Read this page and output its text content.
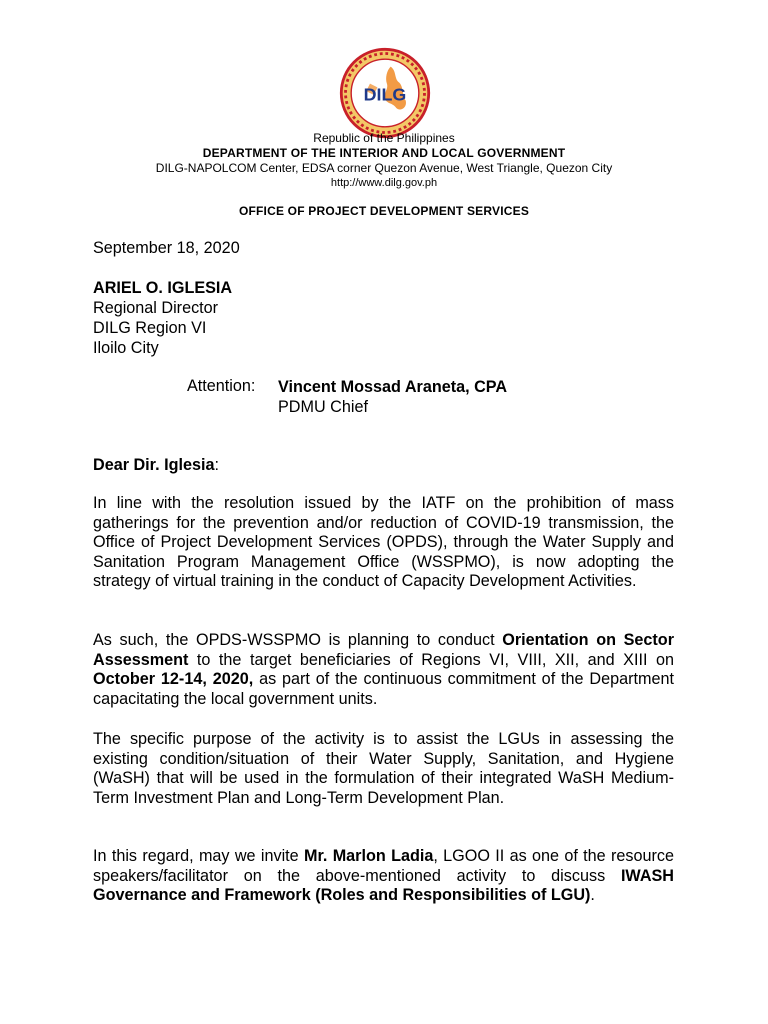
DILG

Republic of the Philippines

DEPARTMENT OF THE INTERIOR AND LOCAL GOVERNMENT

DILG-NAPOLCOM Center, EDSA corner Quezon Avenue, West Triangle, Quezon City

http://www.dilg.gov.ph

OFFICE OF PROJECT DEVELOPMENT SERVICES

September 18, 2020
ARIEL O. IGLESIA
Regional Director
DILG Region VI
Iloilo City
Attention: Vincent Mossad Araneta, CPA
PDMU Chief
Dear Dir. Iglesia:
In line with the resolution issued by the IATF on the prohibition of mass gatherings for the prevention and/or reduction of COVID-19 transmission, the Office of Project Development Services (OPDS), through the Water Supply and Sanitation Program Management Office (WSSPMO), is now adopting the strategy of virtual training in the conduct of Capacity Development Activities.
As such, the OPDS-WSSPMO is planning to conduct Orientation on Sector Assessment to the target beneficiaries of Regions VI, VIII, XII, and XIII on October 12-14, 2020, as part of the continuous commitment of the Department capacitating the local government units.
The specific purpose of the activity is to assist the LGUs in assessing the existing condition/situation of their Water Supply, Sanitation, and Hygiene (WaSH) that will be used in the formulation of their integrated WaSH Medium-Term Investment Plan and Long-Term Development Plan.
In this regard, may we invite Mr. Marlon Ladia, LGOO II as one of the resource speakers/facilitator on the above-mentioned activity to discuss IWASH Governance and Framework (Roles and Responsibilities of LGU).
